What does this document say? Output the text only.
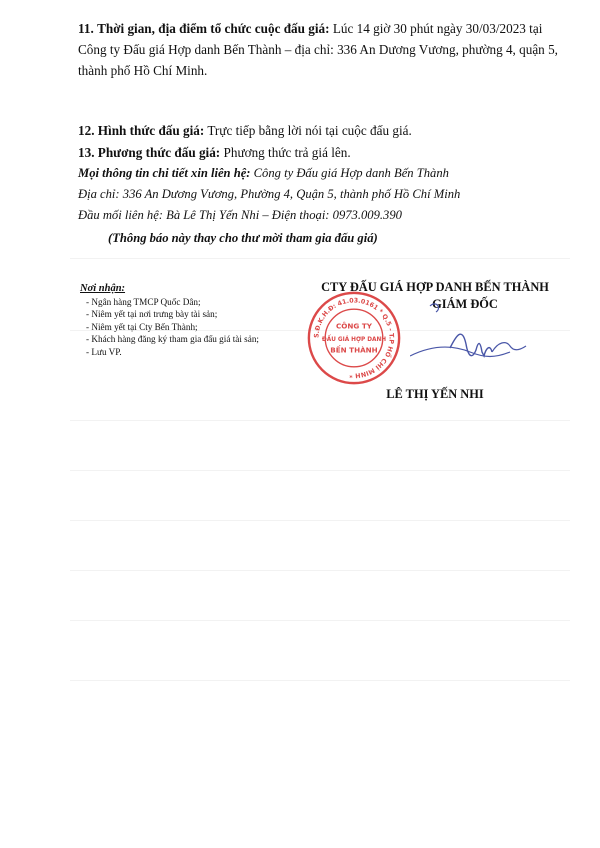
11. Thời gian, địa điểm tổ chức cuộc đấu giá: Lúc 14 giờ 30 phút ngày 30/03/2023 tại Công ty Đấu giá Hợp danh Bến Thành – địa chỉ: 336 An Dương Vương, phường 4, quận 5, thành phố Hồ Chí Minh.
12. Hình thức đấu giá: Trực tiếp bằng lời nói tại cuộc đấu giá.
13. Phương thức đấu giá: Phương thức trả giá lên.
Mọi thông tin chi tiết xin liên hệ: Công ty Đấu giá Hợp danh Bến Thành
Địa chỉ: 336 An Dương Vương, Phường 4, Quận 5, thành phố Hồ Chí Minh
Đầu mối liên hệ: Bà Lê Thị Yến Nhi – Điện thoại: 0973.009.390
(Thông báo này thay cho thư mời tham gia đấu giá)
Nơi nhận:
- Ngân hàng TMCP Quốc Dân;
- Niêm yết tại nơi trưng bày tài sản;
- Niêm yết tại Cty Bến Thành;
- Khách hàng đăng ký tham gia đấu giá tài sản;
- Lưu VP.
CTY ĐẤU GIÁ HỢP DANH BẾN THÀNH
GIÁM ĐỐC
S.Đ.K.H.Đ: 41.03.0161 * Q.5 - T.P HỒ CHÍ MINH *
CÔNG TY
ĐẤU GIÁ HỢP DANH
BẾN THÀNH
LÊ THỊ YẾN NHI
